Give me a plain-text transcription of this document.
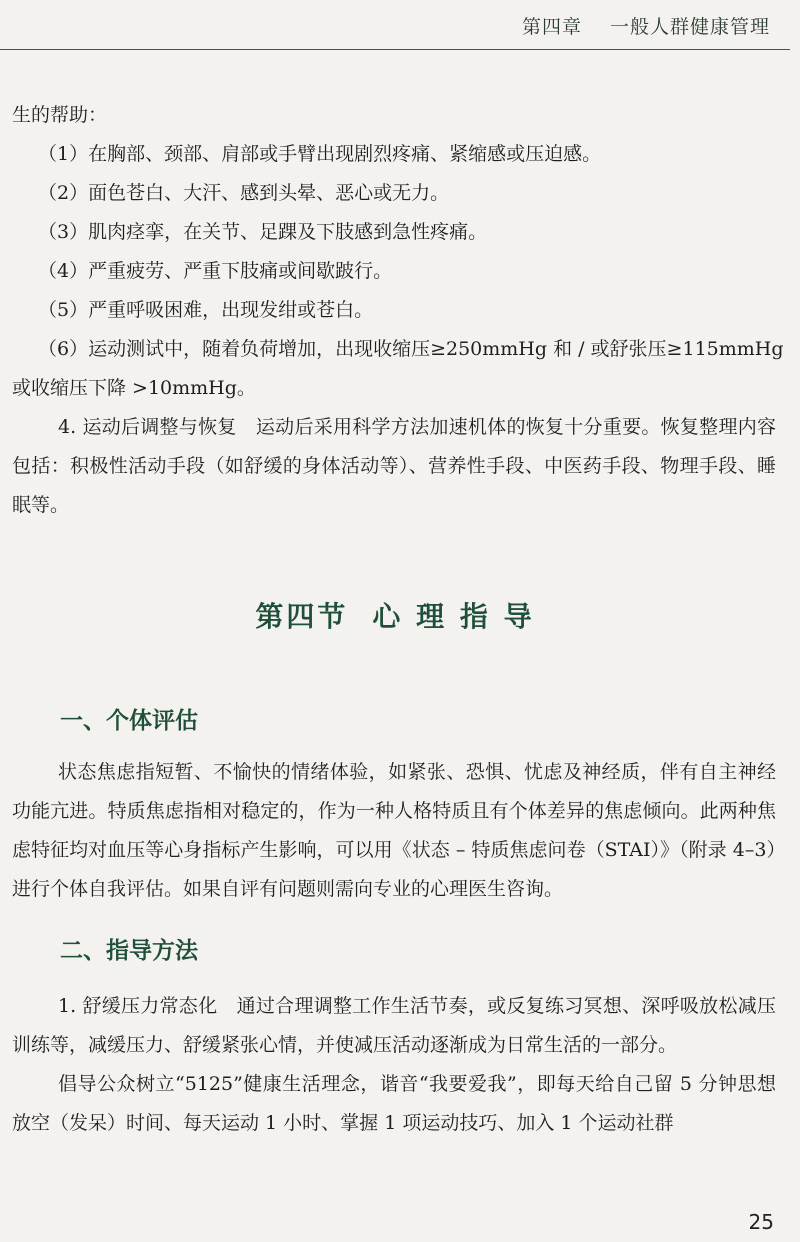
第四章 一般人群健康管理

生的帮助：

（1）在胸部、颈部、肩部或手臂出现剧烈疼痛、紧缩感或压迫感。

（2）面色苍白、大汗、感到头晕、恶心或无力。

（3）肌肉痉挛，在关节、足踝及下肢感到急性疼痛。

（4）严重疲劳、严重下肢痛或间歇跛行。

（5）严重呼吸困难，出现发绀或苍白。

（6）运动测试中，随着负荷增加，出现收缩压≥250mmHg 和 / 或舒张压≥115mmHg

或收缩压下降 >10mmHg。

4. 运动后调整与恢复　运动后采用科学方法加速机体的恢复十分重要。恢复整理内容包括：积极性活动手段（如舒缓的身体活动等）、营养性手段、中医药手段、物理手段、睡眠等。

第四节 心 理 指 导
一、个体评估

状态焦虑指短暂、不愉快的情绪体验，如紧张、恐惧、忧虑及神经质，伴有自主神经功能亢进。特质焦虑指相对稳定的，作为一种人格特质且有个体差异的焦虑倾向。此两种焦虑特征均对血压等心身指标产生影响，可以用《状态 – 特质焦虑问卷（STAI）》（附录 4–3）进行个体自我评估。如果自评有问题则需向专业的心理医生咨询。

二、指导方法

1. 舒缓压力常态化　通过合理调整工作生活节奏，或反复练习冥想、深呼吸放松减压训练等，减缓压力、舒缓紧张心情，并使减压活动逐渐成为日常生活的一部分。

倡导公众树立“5125”健康生活理念，谐音“我要爱我”，即每天给自己留 5 分钟思想放空（发呆）时间、每天运动 1 小时、掌握 1 项运动技巧、加入 1 个运动社群

25
